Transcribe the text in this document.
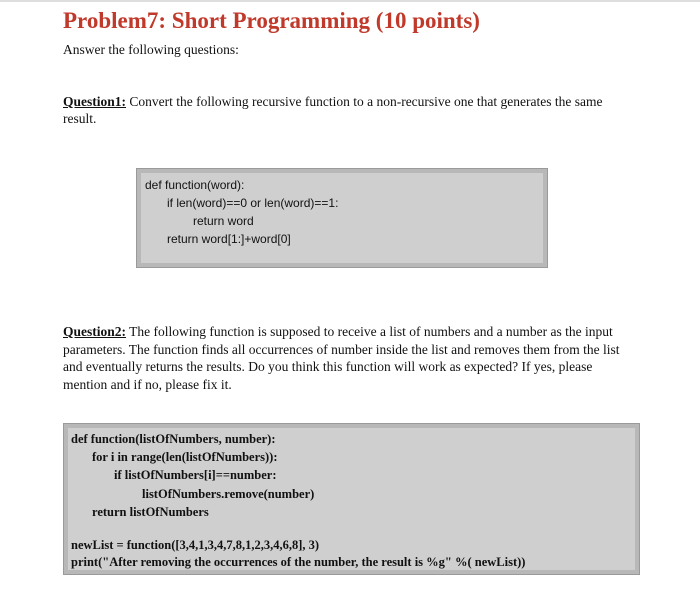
Problem7: Short Programming (10 points)
Answer the following questions:
Question1: Convert the following recursive function to a non-recursive one that generates the same result.
def function(word):
if len(word)==0 or len(word)==1:
return word
return word[1:]+word[0]
Question2: The following function is supposed to receive a list of numbers and a number as the input parameters. The function finds all occurrences of number inside the list and removes them from the list and eventually returns the results. Do you think this function will work as expected? If yes, please mention and if no, please fix it.
def function(listOfNumbers, number):
for i in range(len(listOfNumbers)):
if listOfNumbers[i]==number:
listOfNumbers.remove(number)
return listOfNumbers
newList = function([3,4,1,3,4,7,8,1,2,3,4,6,8], 3)
print("After removing the occurrences of the number, the result is %g" %( newList))
